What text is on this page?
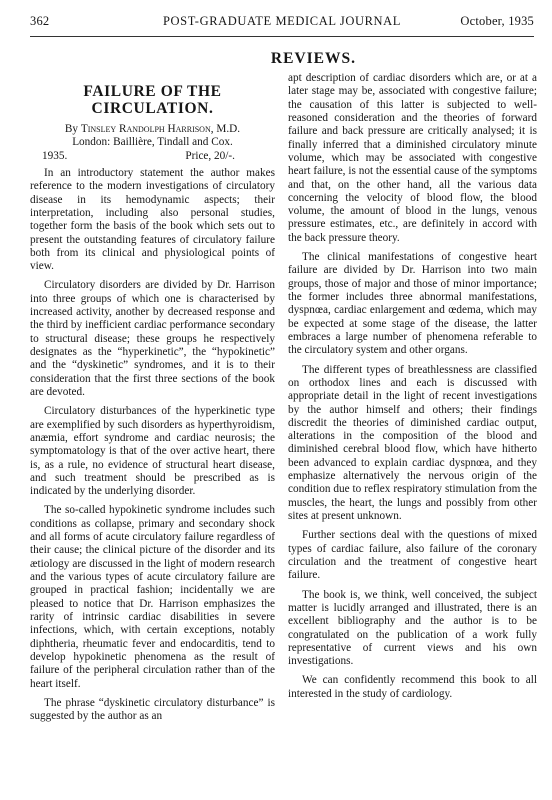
362	POST-GRADUATE MEDICAL JOURNAL	October, 1935
REVIEWS.
FAILURE OF THE
CIRCULATION.
By Tinsley Randolph Harrison, M.D.
London: Baillière, Tindall and Cox.
1935.	Price, 20/-.

In an introductory statement the author makes reference to the modern investigations of circulatory disease in its hemodynamic aspects; their interpretation, including also personal studies, together form the basis of the book which sets out to present the outstanding features of circulatory failure both from its clinical and physiological points of view.

Circulatory disorders are divided by Dr. Harrison into three groups of which one is characterised by increased activity, another by decreased response and the third by inefficient cardiac performance secondary to structural disease; these groups he respectively designates as the “hyperkinetic”, the “hypokinetic” and the “dyskinetic” syndromes, and it is to their consideration that the first three sections of the book are devoted.

Circulatory disturbances of the hyperkinetic type are exemplified by such disorders as hyperthyroidism, anæmia, effort syndrome and cardiac neurosis; the symptomatology is that of the over active heart, there is, as a rule, no evidence of structural heart disease, and such treatment should be prescribed as is indicated by the underlying disorder.

The so-called hypokinetic syndrome includes such conditions as collapse, primary and secondary shock and all forms of acute circulatory failure regardless of their cause; the clinical picture of the disorder and its ætiology are discussed in the light of modern research and the various types of acute circulatory failure are grouped in practical fashion; incidentally we are pleased to notice that Dr. Harrison emphasizes the rarity of intrinsic cardiac disabilities in severe infections, which, with certain exceptions, notably diphtheria, rheumatic fever and endocarditis, tend to develop hypokinetic phenomena as the result of failure of the peripheral circulation rather than of the heart itself.

The phrase “dyskinetic circulatory disturbance” is suggested by the author as an

apt description of cardiac disorders which are, or at a later stage may be, associated with congestive failure; the causation of this latter is subjected to well-reasoned consideration and the theories of forward failure and back pressure are critically analysed; it is finally inferred that a diminished circulatory minute volume, which may be associated with congestive heart failure, is not the essential cause of the symptoms and that, on the other hand, all the various data concerning the velocity of blood flow, the blood volume, the amount of blood in the lungs, venous pressure estimates, etc., are definitely in accord with the back pressure theory.

The clinical manifestations of congestive heart failure are divided by Dr. Harrison into two main groups, those of major and those of minor importance; the former includes three abnormal manifestations, dyspnœa, cardiac enlargement and œdema, which may be expected at some stage of the disease, the latter embraces a large number of phenomena referable to the circulatory system and other organs.

The different types of breathlessness are classified on orthodox lines and each is discussed with appropriate detail in the light of recent investigations by the author himself and others; their findings discredit the theories of diminished cardiac output, alterations in the composition of the blood and diminished cerebral blood flow, which have hitherto been advanced to explain cardiac dyspnœa, and they emphasize alternatively the nervous origin of the condition due to reflex respiratory stimulation from the muscles, the heart, the lungs and possibly from other sites at present unknown.

Further sections deal with the questions of mixed types of cardiac failure, also failure of the coronary circulation and the treatment of congestive heart failure.

The book is, we think, well conceived, the subject matter is lucidly arranged and illustrated, there is an excellent bibliography and the author is to be congratulated on the publication of a work fully representative of current views and his own investigations.

We can confidently recommend this book to all interested in the study of cardiology.
